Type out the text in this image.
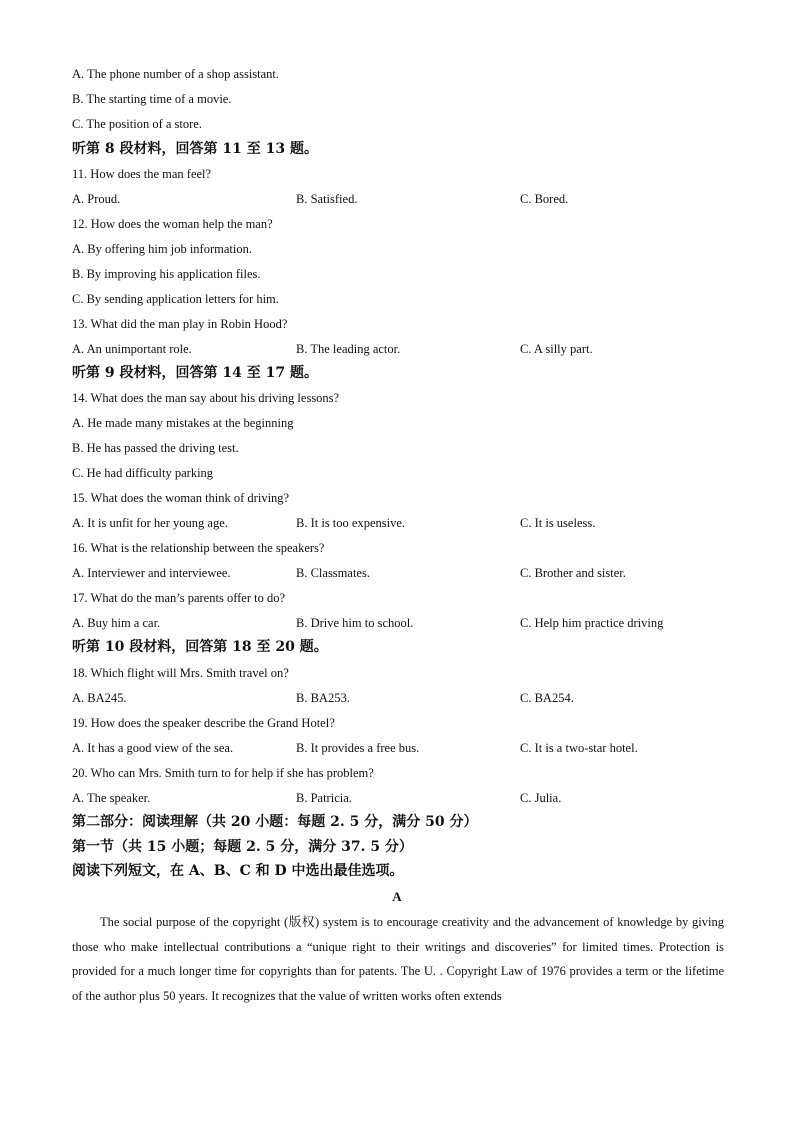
A. The phone number of a shop assistant.
B. The starting time of a movie.
C. The position of a store.
听第 8 段材料，回答第 11 至 13 题。
11. How does the man feel?
A. Proud.	B. Satisfied.	C. Bored.
12. How does the woman help the man?
A. By offering him job information.
B. By improving his application files.
C. By sending application letters for him.
13. What did the man play in Robin Hood?
A. An unimportant role.	B. The leading actor.	C. A silly part.
听第 9 段材料，回答第 14 至 17 题。
14. What does the man say about his driving lessons?
A. He made many mistakes at the beginning
B. He has passed the driving test.
C. He had difficulty parking
15. What does the woman think of driving?
A. It is unfit for her young age.	B. It is too expensive.	C. It is useless.
16. What is the relationship between the speakers?
A. Interviewer and interviewee.	B. Classmates.	C. Brother and sister.
17. What do the man’s parents offer to do?
A. Buy him a car.	B. Drive him to school.	C. Help him practice driving
听第 10 段材料，回答第 18 至 20 题。
18. Which flight will Mrs. Smith travel on?
A. BA245.	B. BA253.	C. BA254.
19. How does the speaker describe the Grand Hotel?
A. It has a good view of the sea.	B. It provides a free bus.	C. It is a two-star hotel.
20. Who can Mrs. Smith turn to for help if she has problem?
A. The speaker.	B. Patricia.	C. Julia.
第二部分：阅读理解（共 20 小题：每题 2. 5 分，满分 50 分）
第一节（共 15 小题；每题 2. 5 分，满分 37. 5 分）
阅读下列短文，在 A、B、C 和 D 中选出最佳选项。
A

The social purpose of the copyright (版权) system is to encourage creativity and the advancement of knowledge by giving those who make intellectual contributions a “unique right to their writings and discoveries” for limited times. Protection is provided for a much longer time for copyrights than for patents. The U. . Copyright Law of 1976 provides a term or the lifetime of the author plus 50 years. It recognizes that the value of written works often extends
